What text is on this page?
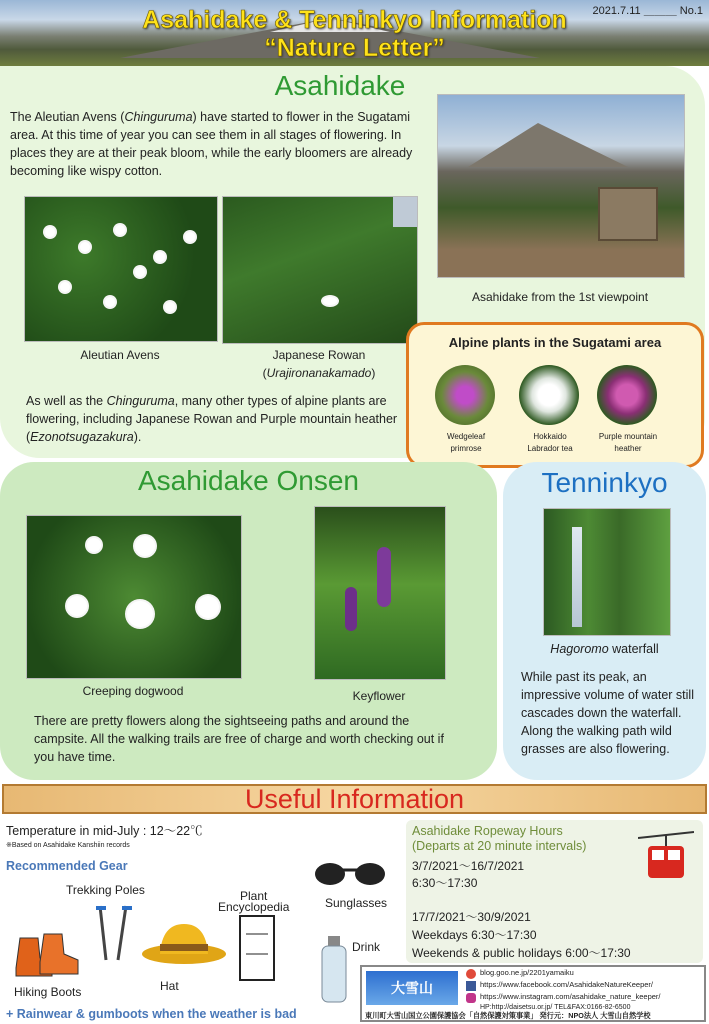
Asahidake & Tenninkyo Information
“Nature Letter”
2021.7.11 ＿＿＿ No.1
Asahidake
The Aleutian Avens (Chinguruma) have started to flower in the Sugatami area. At this time of year you can see them in all stages of flowering. In places they are at their peak bloom, while the early bloomers are already becoming like wispy cotton.
Aleutian Avens	Japanese Rowan
(Urajironanakamado)
Asahidake from the 1st viewpoint
As well as the Chinguruma, many other types of alpine plants are flowering, including Japanese Rowan and Purple mountain heather (Ezonotsugazakura).
Alpine plants in the Sugatami area
Wedgeleaf
primrose
Hokkaido
Labrador tea
Purple mountain
heather
Asahidake Onsen
Creeping dogwood	Keyflower
There are pretty flowers along the sightseeing paths and around the campsite. All the walking trails are free of charge and worth checking out if you have time.
Tenninkyo
Hagoromo waterfall
While past its peak, an impressive volume of water still cascades down the waterfall. Along the walking path wild grasses are also flowering.
Useful Information
Temperature in mid-July : 12～22℃
※Based on Asahidake Kanshiin records
Recommended Gear
Trekking Poles	Plant
Encyclopedia	Sunglasses
Drink
Hiking Boots	Hat
+ Rainwear & gumboots when the weather is bad
Asahidake Ropeway Hours
(Departs at 20 minute intervals)
3/7/2021～16/7/2021
6:30～17:30
17/7/2021～30/9/2021
Weekdays 6:30～17:30
Weekends & public holidays 6:00～17:30
大雪山
blog.goo.ne.jp/2201yamaiku
https://www.facebook.com/AsahidakeNatureKeeper/
https://www.instagram.com/asahidake_nature_keeper/
HP:http://daisetsu.or.jp/ TEL&FAX:0166-82-6500
東川町大雪山国立公園保護協会「自然保護対策事業」 発行元：NPO法人 大雪山自然学校
